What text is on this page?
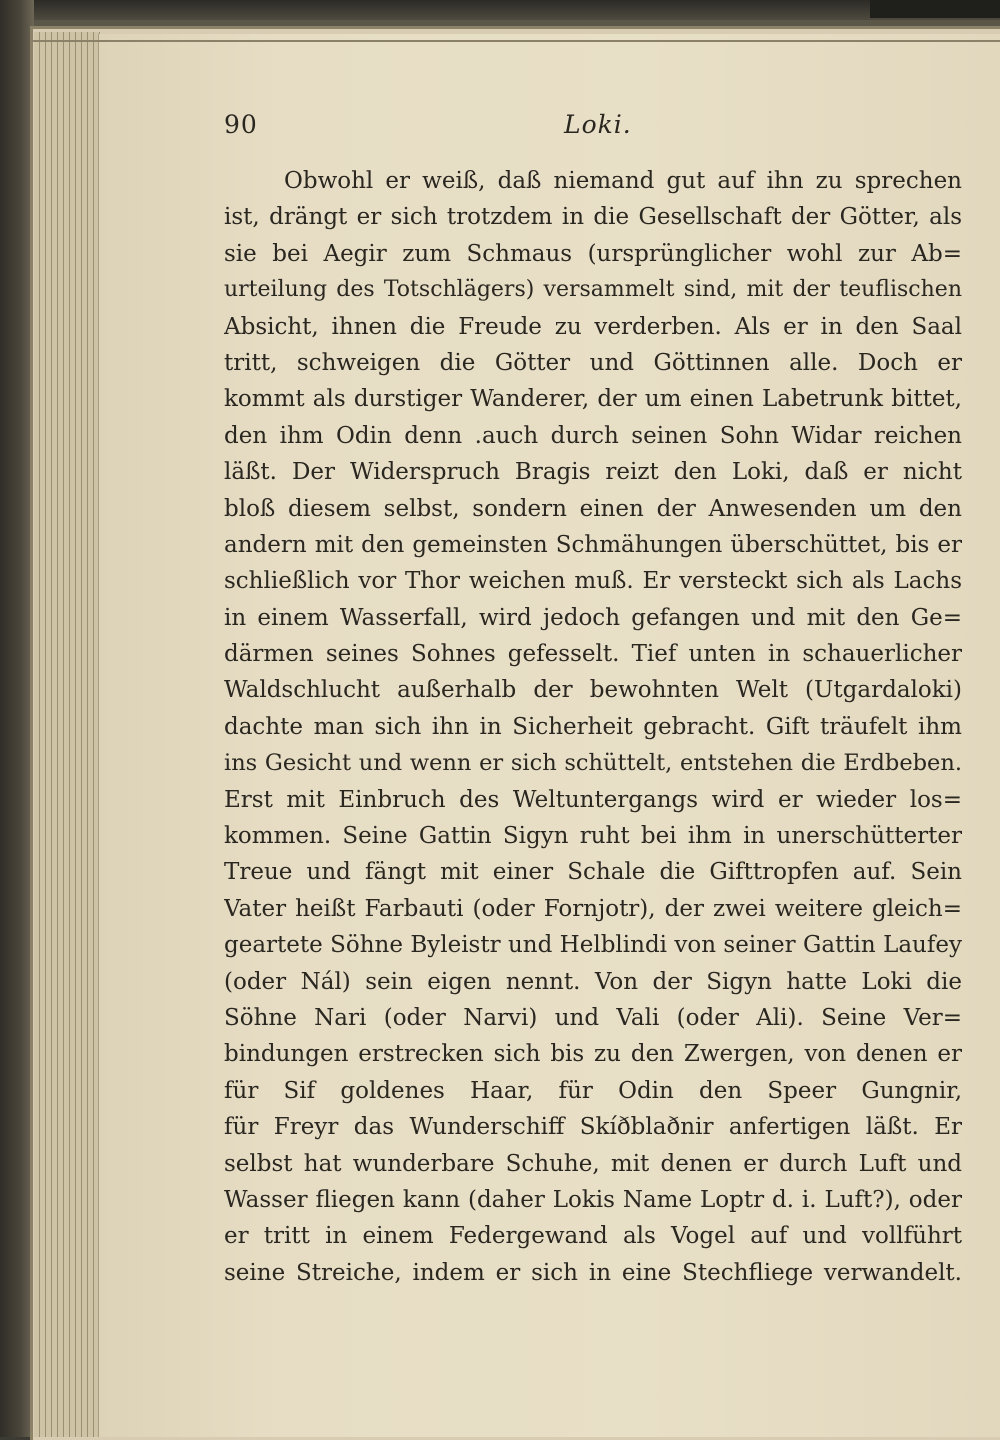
90	Loki.
Obwohl er weiß, daß niemand gut auf ihn zu sprechen
ist, drängt er sich trotzdem in die Gesellschaft der Götter, als
sie bei Aegir zum Schmaus (ursprünglicher wohl zur Ab=
urteilung des Totschlägers) versammelt sind, mit der teuflischen
Absicht, ihnen die Freude zu verderben. Als er in den Saal
tritt, schweigen die Götter und Göttinnen alle. Doch er
kommt als durstiger Wanderer, der um einen Labetrunk bittet,
den ihm Odin denn .auch durch seinen Sohn Widar reichen
läßt. Der Widerspruch Bragis reizt den Loki, daß er nicht
bloß diesem selbst, sondern einen der Anwesenden um den
andern mit den gemeinsten Schmähungen überschüttet, bis er
schließlich vor Thor weichen muß. Er versteckt sich als Lachs
in einem Wasserfall, wird jedoch gefangen und mit den Ge=
därmen seines Sohnes gefesselt. Tief unten in schauerlicher
Waldschlucht außerhalb der bewohnten Welt (Utgardaloki)
dachte man sich ihn in Sicherheit gebracht. Gift träufelt ihm
ins Gesicht und wenn er sich schüttelt, entstehen die Erdbeben.
Erst mit Einbruch des Weltuntergangs wird er wieder los=
kommen. Seine Gattin Sigyn ruht bei ihm in unerschütterter
Treue und fängt mit einer Schale die Gifttropfen auf. Sein
Vater heißt Farbauti (oder Fornjotr), der zwei weitere gleich=
geartete Söhne Byleistr und Helblindi von seiner Gattin Laufey
(oder Nál) sein eigen nennt. Von der Sigyn hatte Loki die
Söhne Nari (oder Narvi) und Vali (oder Ali). Seine Ver=
bindungen erstrecken sich bis zu den Zwergen, von denen er
für Sif goldenes Haar, für Odin den Speer Gungnir,
für Freyr das Wunderschiff Skíðblaðnir anfertigen läßt. Er
selbst hat wunderbare Schuhe, mit denen er durch Luft und
Wasser fliegen kann (daher Lokis Name Loptr d. i. Luft?), oder
er tritt in einem Federgewand als Vogel auf und vollführt
seine Streiche, indem er sich in eine Stechfliege verwandelt.
